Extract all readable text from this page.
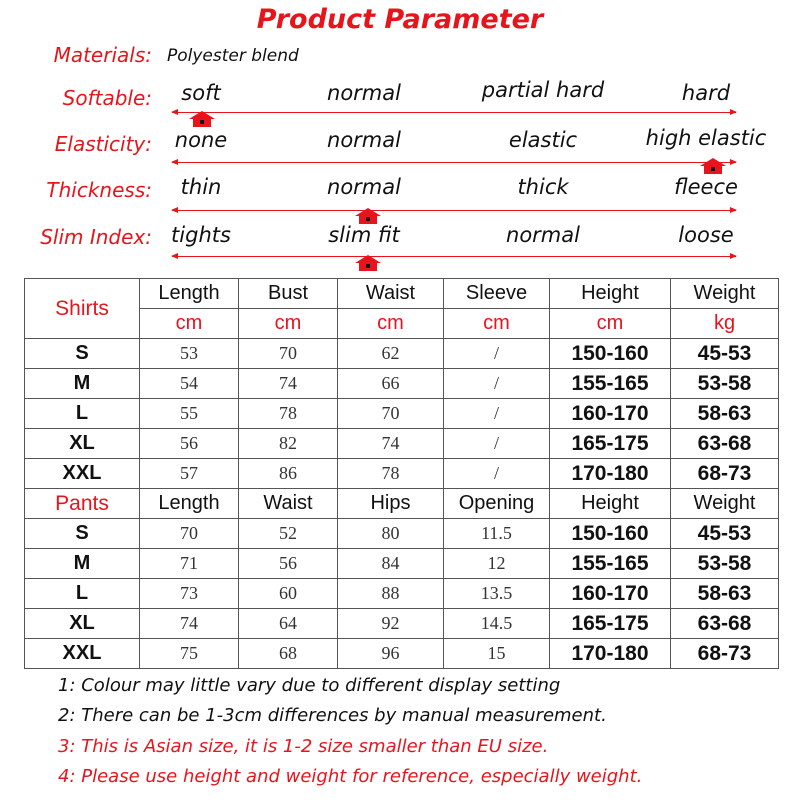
Product Parameter
Materials: Polyester blend
Softable:	soft	normal	partial hard	hard
Elasticity:	none	normal	elastic	high elastic
Thickness:	thin	normal	thick	fleece
Slim Index: tights	slim fit	normal	loose
Shirts	Length	Bust	Waist	Sleeve	Height	Weight
	cm	cm	cm	cm	cm	kg
S	53	70	62	/	150-160	45-53
M	54	74	66	/	155-165	53-58
L	55	78	70	/	160-170	58-63
XL	56	82	74	/	165-175	63-68
XXL	57	86	78	/	170-180	68-73
Pants	Length	Waist	Hips	Opening	Height	Weight
S	70	52	80	11.5	150-160	45-53
M	71	56	84	12	155-165	53-58
L	73	60	88	13.5	160-170	58-63
XL	74	64	92	14.5	165-175	63-68
XXL	75	68	96	15	170-180	68-73
1: Colour may little vary due to different display setting
2: There can be 1-3cm differences by manual measurement.
3: This is Asian size, it is 1-2 size smaller than EU size.
4: Please use height and weight for reference, especially weight.
